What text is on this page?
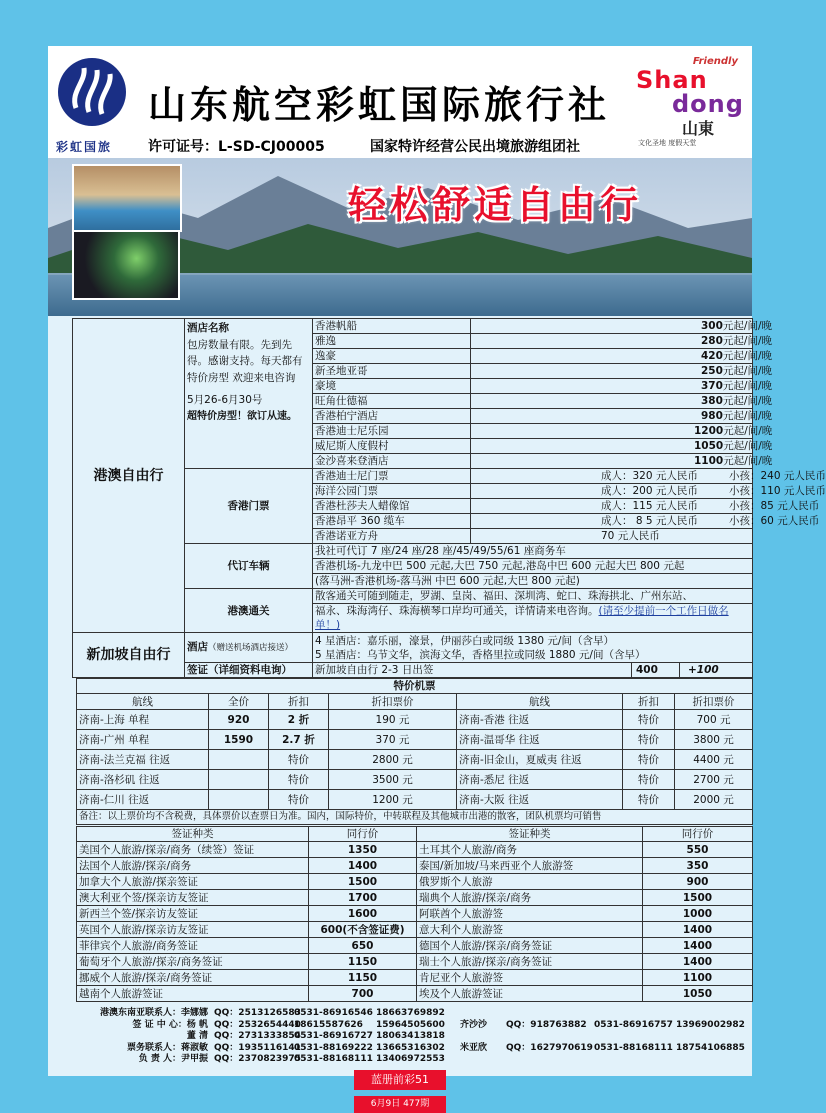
彩虹国旅
山东航空彩虹国际旅行社
许可证号：L-SD-CJ00005	国家特许经营公民出境旅游组团社
Friendly
Shan
dong
山東
文化圣地 度假天堂
轻松舒适自由行
港澳自由行	酒店名称
包房数量有限。先到先得。感谢支持。每天都有特价房型 欢迎来电咨询
5月26-6月30号
超特价房型！欲订从速。	香港帆船	300元起/间/晚
		雅逸	280元起/间/晚
		逸豪	420元起/间/晚
		新圣地亚哥	250元起/间/晚
		豪境	370元起/间/晚
		旺角仕德福	380元起/间/晚
		香港柏宁酒店	980元起/间/晚
		香港迪士尼乐园	1200元起/间/晚
		威尼斯人度假村	1050元起/间/晚
		金沙喜来登酒店	1100元起/间/晚
	香港门票	香港迪士尼门票	成人：320 元人民币 小孩：240 元人民币
		海洋公园门票	成人：200 元人民币 小孩：110 元人民币
		香港杜莎夫人蜡像馆	成人：115 元人民币 小孩：85 元人民币
		香港昂平 360 缆车	成人： 8 5 元人民币 小孩：60 元人民币
		香港诺亚方舟	70 元人民币
	代订车辆	我社可代订 7 座/24 座/28 座/45/49/55/61 座商务车	
		香港机场-九龙中巴 500 元起,大巴 750 元起,港岛中巴 600 元起大巴 800 元起	
		(落马洲-香港机场-落马洲 中巴 600 元起,大巴 800 元起)	
	港澳通关	散客通关可随到随走，罗湖、皇岗、福田、深圳湾、蛇口、珠海拱北、广州东站、	
		福永、珠海湾仔、珠海横琴口岸均可通关，详情请来电咨询。(请至少提前一个工作日做名单！)	
新加坡自由行	酒店（赠送机场酒店接送）	4 星酒店：嘉乐丽，濠景，伊丽莎白或同级 1380 元/间（含早）
5 星酒店：乌节文华，滨海文华，香格里拉或同级 1880 元/间（含早）	

	签证（详细资料电询）	新加坡自由行 2-3 日出签 400 +100	
特价机票						
航线	全价	折扣	折扣票价	航线	折扣	折扣票价
济南-上海 单程	920	2 折	190 元	济南-香港 往返	特价	700 元
济南-广州 单程	1590	2.7 折	370 元	济南-温哥华 往返	特价	3800 元
济南-法兰克福 往返		特价	2800 元	济南-旧金山，夏威夷 往返	特价	4400 元
济南-洛杉矶 往返		特价	3500 元	济南-悉尼 往返	特价	2700 元
济南-仁川 往返		特价	1200 元	济南-大阪 往返	特价	2000 元
备注：以上票价均不含税费，具体票价以查票日为准。国内，国际特价，中转联程及其他城市出港的散客，团队机票均可销售						
签证种类	同行价	签证种类	同行价
美国个人旅游/探亲/商务（续签）签证	1350	土耳其个人旅游/商务	550
法国个人旅游/探亲/商务	1400	泰国/新加坡/马来西亚个人旅游签	350
加拿大个人旅游/探亲签证	1500	俄罗斯个人旅游	900
澳大利亚个签/探亲访友签证	1700	瑞典个人旅游/探亲/商务	1500
新西兰个签/探亲访友签证	1600	阿联酋个人旅游签	1000
英国个人旅游/探亲访友签证	600(不含签证费)	意大利个人旅游签	1400
菲律宾个人旅游/商务签证	650	德国个人旅游/探亲/商务签证	1400
葡萄牙个人旅游/探亲/商务签证	1150	瑞士个人旅游/探亲/商务签证	1400
挪威个人旅游/探亲/商务签证	1150	肯尼亚个人旅游签	1100
越南个人旅游签证	700	埃及个人旅游签证	1050
港澳东南亚联系人：李娜娜 QQ：2513126583
0531-86916546 18663769892
签 证 中 心：杨 帆 QQ：2532654440
18615587626	15964505600	齐沙沙	QQ：918763882 0531-86916757 13969002982
董 清 QQ：2731333854
0531-86916727 18063413818
票务联系人：蒋淑敏 QQ：1935116141
0531-88169222 13665316302	米亚欣	QQ：1627970619 0531-88168111 18754106885
负 责 人：尹甲振 QQ：2370823975
0531-88168111 13406972553
蓝册前彩51
6月9日 477期
